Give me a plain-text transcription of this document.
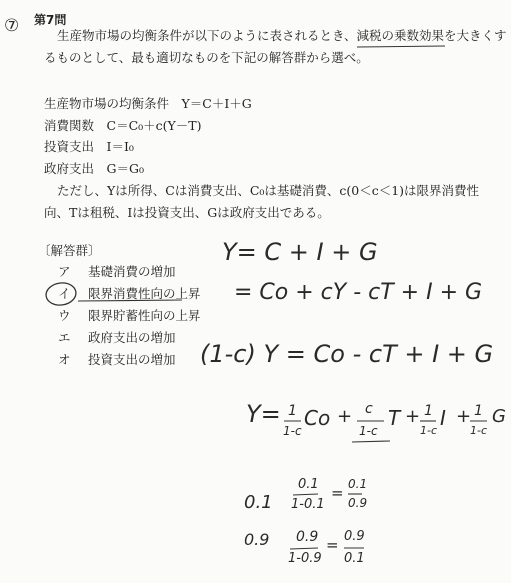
⑦ 第7問
生産物市場の均衡条件が以下のように表されるとき、減税の乗数効果を大きくす
るものとして、最も適切なものを下記の解答群から選べ。
生産物市場の均衡条件　Y＝C＋I＋G
消費関数　C＝C₀＋c(Y－T)
投資支出　I＝I₀
政府支出　G＝G₀
ただし、Yは所得、Cは消費支出、C₀は基礎消費、c(0＜c＜1)は限界消費性
向、Tは租税、Iは投資支出、Gは政府支出である。
〔解答群〕
ア 基礎消費の増加
イ 限界消費性向の上昇
ウ 限界貯蓄性向の上昇
エ 政府支出の増加
オ 投資支出の増加
Y= C + I + G
= Co + cY - cT + I + G
(1-c) Y = Co - cT + I + G
Y= 1
1-c
Co + c
1-c
T + 1
1-c
I + 1
1-c
G
0.1
0.1
1-0.1
= 0.1
0.9
0.9 0.9
1-0.9
= 0.9
0.1
